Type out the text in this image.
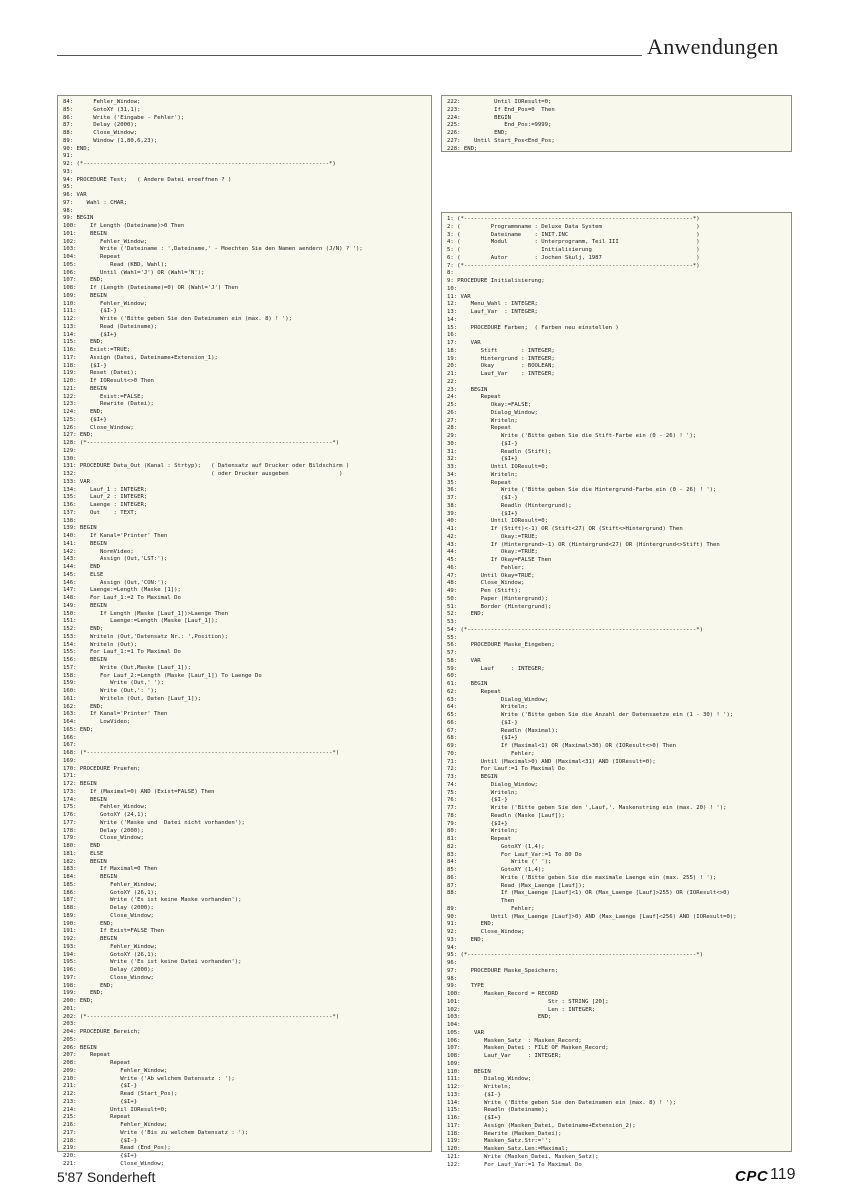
Anwendungen
84:      Fehler_Window;
85:      GotoXY (31,1);
86:      Write ('Eingabe - Fehler');
87:      Delay (2000);
88:      Close_Window;
89:      Window (1,80,6,23);
90: END;
91:
92: (*-------------------------------------------------------------------------*)
93:
94: PROCEDURE Test;   ( Andere Datei eroeffnen ? )
95:
96: VAR
97:    Wahl : CHAR;
98:
99: BEGIN
100:    If Length (Dateiname)>0 Then
101:    BEGIN
102:       Fehler_Window;
103:       Write ('Dateiname : ',Dateiname,' - Moechten Sie den Namen aendern (J/N) ? ');
104:       Repeat
105:          Read (KBD, Wahl);
106:       Until (Wahl='J') OR (Wahl='N');
107:    END;
108:    If (Length (Dateiname)=0) OR (Wahl='J') Then
109:    BEGIN
110:       Fehler_Window;
111:       {$I-}
112:       Write ('Bitte geben Sie den Dateinamen ein (max. 8) ! ');
113:       Read (Dateiname);
114:       {$I+}
115:    END;
116:    Exist:=TRUE;
117:    Assign (Datei, Dateiname+Extension_1);
118:    {$I-}
119:    Reset (Datei);
120:    If IOResult<>0 Then
121:    BEGIN
122:       Exist:=FALSE;
123:       Rewrite (Datei);
124:    END;
125:    {$I+}
126:    Close_Window;
127: END;
128: (*-------------------------------------------------------------------------*)
129:
130:
131: PROCEDURE Data_Out (Kanal : Strtyp);   ( Datensatz auf Drucker oder Bildschirm )
132:                                        ( oder Drucker ausgeben               )
133: VAR
134:    Lauf_1 : INTEGER;
135:    Lauf_2 : INTEGER;
136:    Laenge : INTEGER;
137:    Out    : TEXT;
138:
139: BEGIN
140:    If Kanal='Printer' Then
141:    BEGIN
142:       NormVideo;
143:       Assign (Out,'LST:');
144:    END
145:    ELSE
146:       Assign (Out,'CON:');
147:    Laenge:=Length (Maske [1]);
148:    For Lauf_1:=2 To Maximal Do
149:    BEGIN
150:       If Length (Maske [Lauf_1])>Laenge Then
151:          Laenge:=Length (Maske [Lauf_1]);
152:    END;
153:    Writeln (Out,'Datensatz Nr.: ',Position);
154:    Writeln (Out);
155:    For Lauf_1:=1 To Maximal Do
156:    BEGIN
157:       Write (Out,Maske [Lauf_1]);
158:       For Lauf_2:=Length (Maske [Lauf_1]) To Laenge Do
159:          Write (Out,' ');
160:       Write (Out,': ');
161:       Writeln (Out, Daten [Lauf_1]);
162:    END;
163:    If Kanal='Printer' Then
164:       LowVideo;
165: END;
166:
167:
168: (*-------------------------------------------------------------------------*)
169:
170: PROCEDURE Pruefen;
171:
172: BEGIN
173:    If (Maximal=0) AND (Exist=FALSE) Then
174:    BEGIN
175:       Fehler_Window;
176:       GotoXY (24,1);
177:       Write ('Maske und  Datei nicht vorhanden');
178:       Delay (2000);
179:       Close_Window;
180:    END
181:    ELSE
182:    BEGIN
183:       If Maximal=0 Then
184:       BEGIN
185:          Fehler_Window;
186:          GotoXY (26,1);
187:          Write ('Es ist keine Maske vorhanden');
188:          Delay (2000);
189:          Close_Window;
190:       END;
191:       If Exist=FALSE Then
192:       BEGIN
193:          Fehler_Window;
194:          GotoXY (26,1);
195:          Write ('Es ist keine Datei vorhanden');
196:          Delay (2000);
197:          Close_Window;
198:       END;
199:    END;
200: END;
201:
202: (*-------------------------------------------------------------------------*)
203:
204: PROCEDURE Bereich;
205:
206: BEGIN
207:    Repeat
208:          Repeat
209:             Fehler_Window;
210:             Write ('Ab welchem Datensatz : ');
211:             {$I-}
212:             Read (Start_Pos);
213:             {$I+}
214:          Until IOResult=0;
215:          Repeat
216:             Fehler_Window;
217:             Write ('Bis zu welchem Datensatz : ');
218:             {$I-}
219:             Read (End_Pos);
220:             {$I+}
221:             Close_Window;
222:          Until IOResult=0;
223:          If End_Pos=0  Then
224:          BEGIN
225:             End_Pos:=9999;
226:          END;
227:    Until Start_Pos<End_Pos;
228: END;
1: (*--------------------------------------------------------------------*)
2: (         Programmname : Deluxe Data System                            )
3: (         Dateiname    : INIT.INC                                      )
4: (         Modul        : Unterprogramm, Teil III                       )
5: (                        Initialisierung                               )
6: (         Autor        : Jochen Skulj, 1987                            )
7: (*--------------------------------------------------------------------*)
8:
9: PROCEDURE Initialisierung;
10:
11: VAR
12:    Menu_Wahl : INTEGER;
13:    Lauf_Var  : INTEGER;
14:
15:    PROCEDURE Farben;  ( Farben neu einstellen )
16:
17:    VAR
18:       Stift       : INTEGER;
19:       Hintergrund : INTEGER;
20:       Okay        : BOOLEAN;
21:       Lauf_Var    : INTEGER;
22:
23:    BEGIN
24:       Repeat
25:          Okay:=FALSE;
26:          Dialog_Window;
27:          Writeln;
28:          Repeat
29:             Write ('Bitte geben Sie die Stift-Farbe ein (0 - 26) ! ');
30:             {$I-}
31:             Readln (Stift);
32:             {$I+}
33:          Until IOResult=0;
34:          Writeln;
35:          Repeat
36:             Write ('Bitte geben Sie die Hintergrund-Farbe ein (0 - 26) ! ');
37:             {$I-}
38:             Readln (Hintergrund);
39:             {$I+}
40:          Until IOResult=0;
41:          If (Stift)<-1) OR (Stift<27) OR (Stift<>Hintergrund) Then
42:             Okay:=TRUE;
43:          If (Hintergrund>-1) OR (Hintergrund<27) OR (Hintergrund<>Stift) Then
44:             Okay:=TRUE;
45:          If Okay=FALSE Then
46:             Fehler;
47:       Until Okay=TRUE;
48:       Close_Window;
49:       Pen (Stift);
50:       Paper (Hintergrund);
51:       Border (Hintergrund);
52:    END;
53:
54: (*--------------------------------------------------------------------*)
55:
56:    PROCEDURE Maske_Eingeben;
57:
58:    VAR
59:       Lauf     : INTEGER;
60:
61:    BEGIN
62:       Repeat
63:             Dialog_Window;
64:             Writeln;
65:             Write ('Bitte geben Sie die Anzahl der Datensaetze ein (1 - 30) ! ');
66:             {$I-}
67:             Readln (Maximal);
68:             {$I+}
69:             If (Maximal<1) OR (Maximal>30) OR (IOResult<>0) Then
70:                Fehler;
71:       Until (Maximal>0) AND (Maximal<31) AND (IOResult=0);
72:       For Lauf:=1 To Maximal Do
73:       BEGIN
74:          Dialog_Window;
75:          Writeln;
76:          {$I-}
77:          Write ('Bitte geben Sie den ',Lauf,'. Maskenstring ein (max. 20) ! ');
78:          Readln (Maske [Lauf]);
79:          {$I+}
80:          Writeln;
81:          Repeat
82:             GotoXY (1,4);
83:             For Lauf_Var:=1 To 80 Do
84:                Write (' ');
85:             GotoXY (1,4);
86:             Write ('Bitte geben Sie die maximale Laenge ein (max. 255) ! ');
87:             Read (Max_Laenge [Lauf]);
88:             If (Max_Laenge [Lauf]<1) OR (Max_Laenge [Lauf]>255) OR (IOResult<>0)
Then
89:                Fehler;
90:          Until (Max_Laenge [Lauf]>0) AND (Max_Laenge [Lauf]<256) AND (IOResult=0);
91:       END;
92:       Close_Window;
93:    END;
94:
95: (*--------------------------------------------------------------------*)
96:
97:    PROCEDURE Maske_Speichern;
98:
99:    TYPE
100:       Masken_Record = RECORD
101:                          Str : STRING [20];
102:                          Len : INTEGER;
103:                       END;
104:
105:    VAR
106:       Masken_Satz  : Masken_Record;
107:       Masken_Datei : FILE OF Masken_Record;
108:       Lauf_Var     : INTEGER;
109:
110:    BEGIN
111:       Dialog_Window;
112:       Writeln;
113:       {$I-}
114:       Write ('Bitte geben Sie den Dateinamen ein (max. 8) ! ');
115:       Readln (Dateiname);
116:       {$I+}
117:       Assign (Masken_Datei, Dateiname+Extension_2);
118:       Rewrite (Masken_Datei);
119:       Masken_Satz.Str:='';
120:       Masken_Satz.Len:=Maximal;
121:       Write (Masken_Datei, Masken_Satz);
122:       For Lauf_Var:=1 To Maximal Do
5'87 Sonderheft	CPC 119
